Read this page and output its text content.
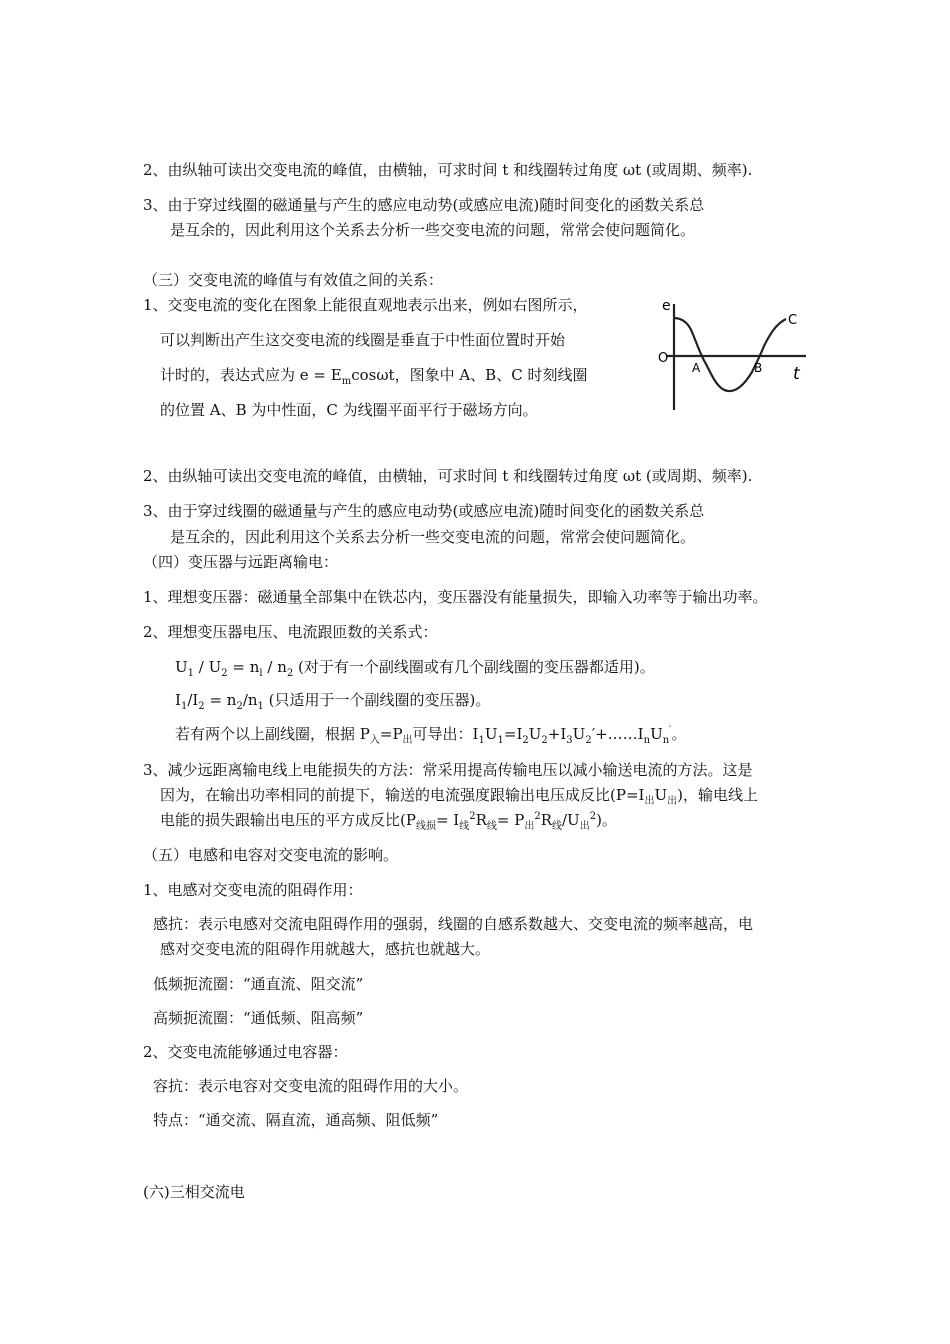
2、由纵轴可读出交变电流的峰值，由横轴，可求时间 t 和线圈转过角度 ωt (或周期、频率).
3、由于穿过线圈的磁通量与产生的感应电动势(或感应电流)随时间变化的函数关系总
是互余的，因此利用这个关系去分析一些交变电流的问题，常常会使问题简化。
（三）交变电流的峰值与有效值之间的关系：
1、交变电流的变化在图象上能很直观地表示出来，例如右图所示，
可以判断出产生这交变电流的线圈是垂直于中性面位置时开始
计时的，表达式应为 $e = E_m\cos\omega t$，图象中 A、B、C 时刻线圈
的位置 A、B 为中性面，C 为线圈平面平行于磁场方向。
e
O
A	B
C
t
2、由纵轴可读出交变电流的峰值，由横轴，可求时间 t 和线圈转过角度 ωt (或周期、频率).
3、由于穿过线圈的磁通量与产生的感应电动势(或感应电流)随时间变化的函数关系总
是互余的，因此利用这个关系去分析一些交变电流的问题，常常会使问题简化。
（四）变压器与远距离输电：
1、理想变压器：磁通量全部集中在铁芯内，变压器没有能量损失，即输入功率等于输出功率。
2、理想变压器电压、电流跟匝数的关系式：
$U_1 / U_2 = n_l / n_2$ (对于有一个副线圈或有几个副线圈的变压器都适用)。
$I_1/I_2 = n_2/n_1$ (只适用于一个副线圈的变压器)。
若有两个以上副线圈，根据 $P_入=P_出$可导出：$I_1U_1=I_2U_2+I_3U_2'+\dots\dots I_nU_n'$。
3、减少远距离输电线上电能损失的方法：常采用提高传输电压以减小输送电流的方法。这是
因为，在输出功率相同的前提下，输送的电流强度跟输出电压成反比$(P=I_出U_出)$，输电线上
电能的损失跟输出电压的平方成反比$(P_{线损}= I_线^2R_线= P_出^2R_线/U_出^2)$。
（五）电感和电容对交变电流的影响。
1、电感对交变电流的阻碍作用：
感抗：表示电感对交流电阻碍作用的强弱，线圈的自感系数越大、交变电流的频率越高，电
感对交变电流的阻碍作用就越大，感抗也就越大。
低频扼流圈：“通直流、阻交流”
高频扼流圈：“通低频、阻高频”
2、交变电流能够通过电容器：
容抗：表示电容对交变电流的阻碍作用的大小。
特点：“通交流、隔直流，通高频、阻低频”
(六)三相交流电
